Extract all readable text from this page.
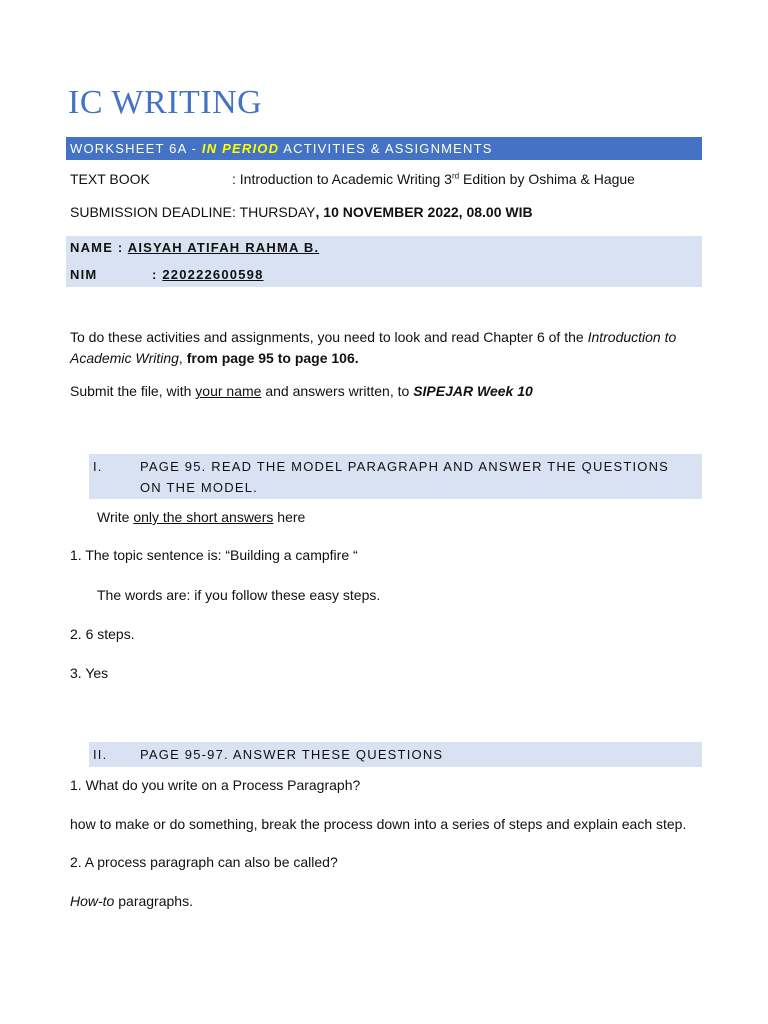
IC WRITING
WORKSHEET 6A - IN PERIOD ACTIVITIES & ASSIGNMENTS
TEXT BOOK	: Introduction to Academic Writing 3rd Edition by Oshima & Hague
SUBMISSION DEADLINE: THURSDAY, 10 NOVEMBER 2022, 08.00 WIB
NAME : AISYAH ATIFAH RAHMA B.
NIM	: 220222600598
To do these activities and assignments, you need to look and read Chapter 6 of the Introduction to Academic Writing, from page 95 to page 106.
Submit the file, with your name and answers written, to SIPEJAR Week 10
I.	PAGE 95. READ THE MODEL PARAGRAPH AND ANSWER THE QUESTIONS ON THE MODEL.
Write only the short answers here
1. The topic sentence is: “Building a campfire “
The words are: if you follow these easy steps.
2. 6 steps.
3. Yes
II.	PAGE 95-97. ANSWER THESE QUESTIONS
1. What do you write on a Process Paragraph?
how to make or do something, break the process down into a series of steps and explain each step.
2. A process paragraph can also be called?
How-to paragraphs.
